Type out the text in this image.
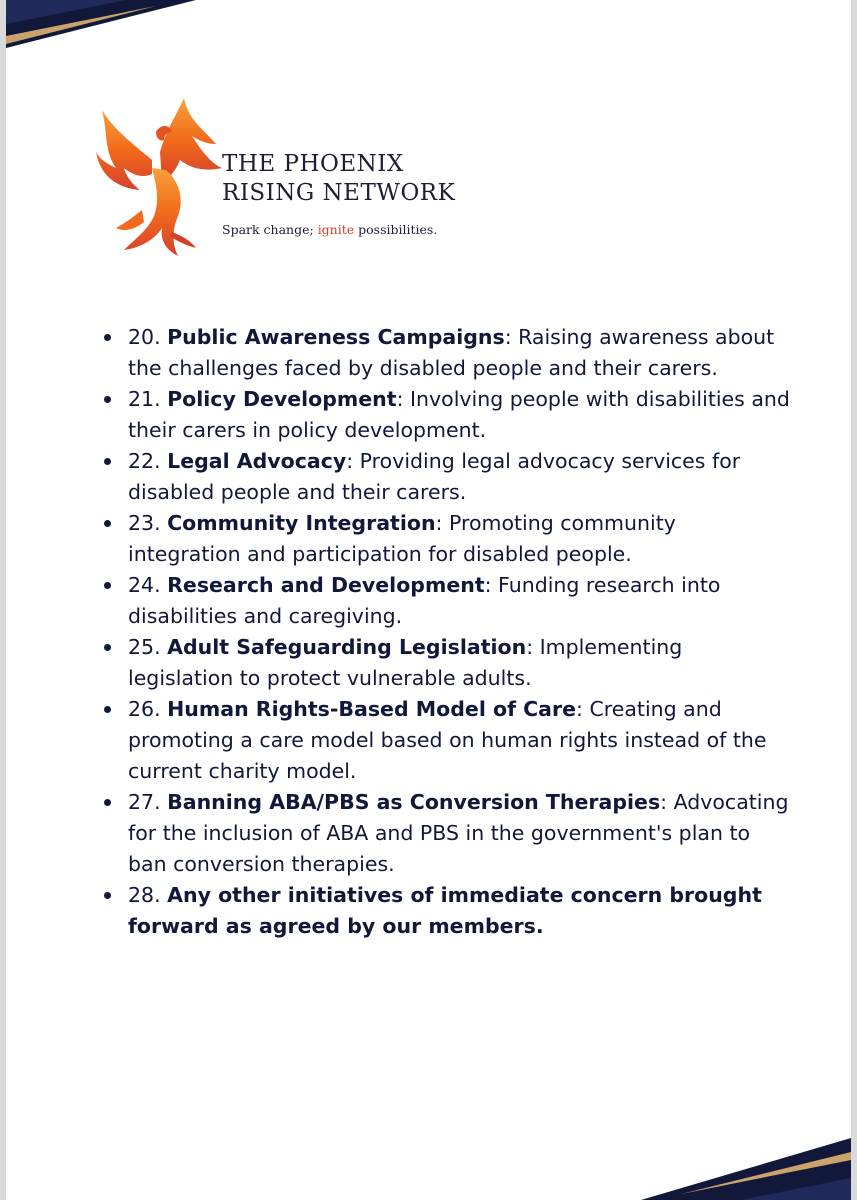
THE PHOENIX
RISING NETWORK
Spark change; ignite possibilities.
20. Public Awareness Campaigns: Raising awareness about the challenges faced by disabled people and their carers.
21. Policy Development: Involving people with disabilities and their carers in policy development.
22. Legal Advocacy: Providing legal advocacy services for disabled people and their carers.
23. Community Integration: Promoting community integration and participation for disabled people.
24. Research and Development: Funding research into disabilities and caregiving.
25. Adult Safeguarding Legislation: Implementing legislation to protect vulnerable adults.
26. Human Rights-Based Model of Care: Creating and promoting a care model based on human rights instead of the current charity model.
27. Banning ABA/PBS as Conversion Therapies: Advocating for the inclusion of ABA and PBS in the government's plan to ban conversion therapies.
28. Any other initiatives of immediate concern brought forward as agreed by our members.
